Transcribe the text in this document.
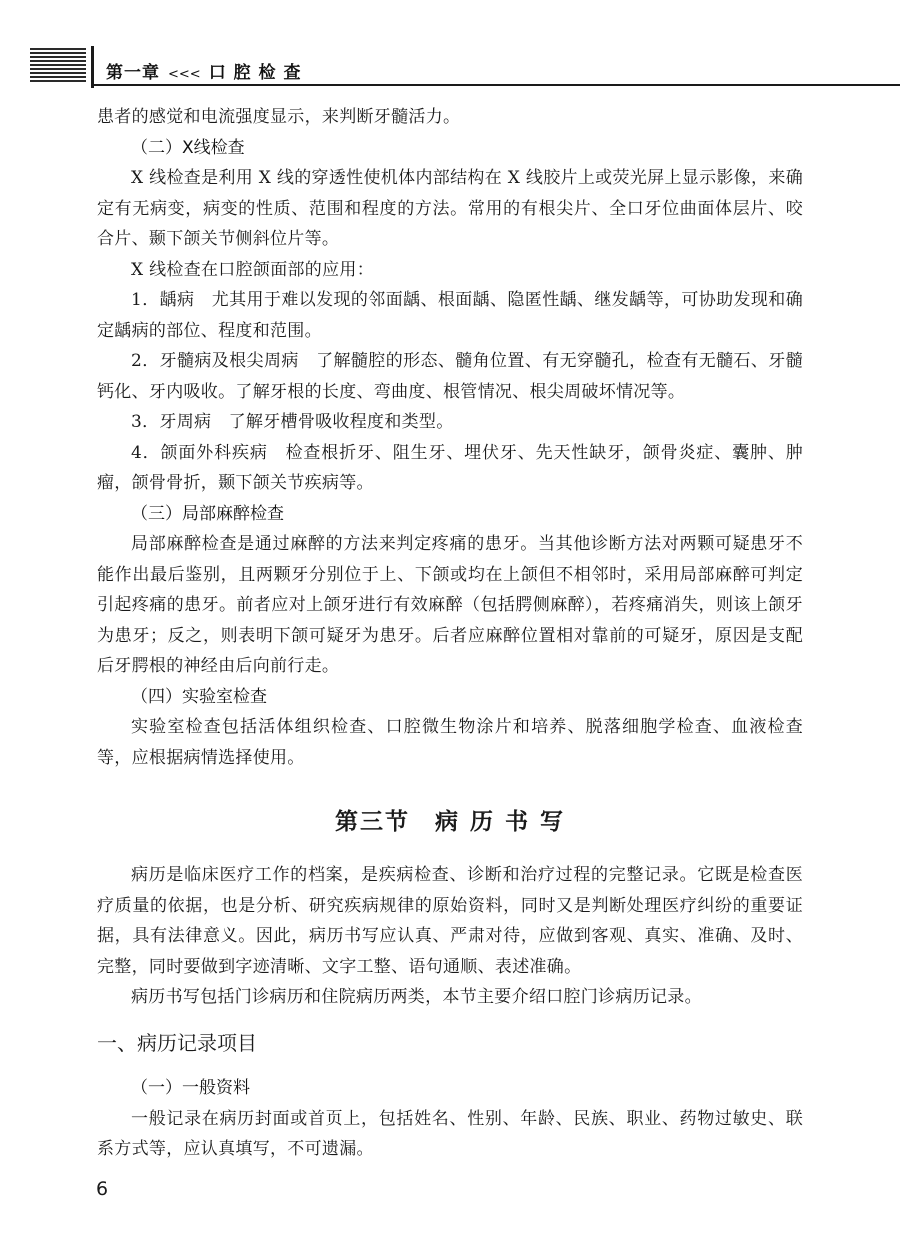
第一章 <<< 口 腔 检 查

患者的感觉和电流强度显示，来判断牙髓活力。

（二）X线检查

X 线检查是利用 X 线的穿透性使机体内部结构在 X 线胶片上或荧光屏上显示影像，来确定有无病变，病变的性质、范围和程度的方法。常用的有根尖片、全口牙位曲面体层片、咬合片、颞下颌关节侧斜位片等。

X 线检查在口腔颌面部的应用：

1．龋病　尤其用于难以发现的邻面龋、根面龋、隐匿性龋、继发龋等，可协助发现和确定龋病的部位、程度和范围。

2．牙髓病及根尖周病　了解髓腔的形态、髓角位置、有无穿髓孔，检查有无髓石、牙髓钙化、牙内吸收。了解牙根的长度、弯曲度、根管情况、根尖周破坏情况等。

3．牙周病　了解牙槽骨吸收程度和类型。

4．颌面外科疾病　检查根折牙、阻生牙、埋伏牙、先天性缺牙，颌骨炎症、囊肿、肿瘤，颌骨骨折，颞下颌关节疾病等。

（三）局部麻醉检查

局部麻醉检查是通过麻醉的方法来判定疼痛的患牙。当其他诊断方法对两颗可疑患牙不能作出最后鉴别，且两颗牙分别位于上、下颌或均在上颌但不相邻时，采用局部麻醉可判定引起疼痛的患牙。前者应对上颌牙进行有效麻醉（包括腭侧麻醉），若疼痛消失，则该上颌牙为患牙；反之，则表明下颌可疑牙为患牙。后者应麻醉位置相对靠前的可疑牙，原因是支配后牙腭根的神经由后向前行走。

（四）实验室检查

实验室检查包括活体组织检查、口腔微生物涂片和培养、脱落细胞学检查、血液检查等，应根据病情选择使用。

第三节　病 历 书 写

病历是临床医疗工作的档案，是疾病检查、诊断和治疗过程的完整记录。它既是检查医疗质量的依据，也是分析、研究疾病规律的原始资料，同时又是判断处理医疗纠纷的重要证据，具有法律意义。因此，病历书写应认真、严肃对待，应做到客观、真实、准确、及时、完整，同时要做到字迹清晰、文字工整、语句通顺、表述准确。

病历书写包括门诊病历和住院病历两类，本节主要介绍口腔门诊病历记录。

一、病历记录项目
（一）一般资料

一般记录在病历封面或首页上，包括姓名、性别、年龄、民族、职业、药物过敏史、联系方式等，应认真填写，不可遗漏。

6
